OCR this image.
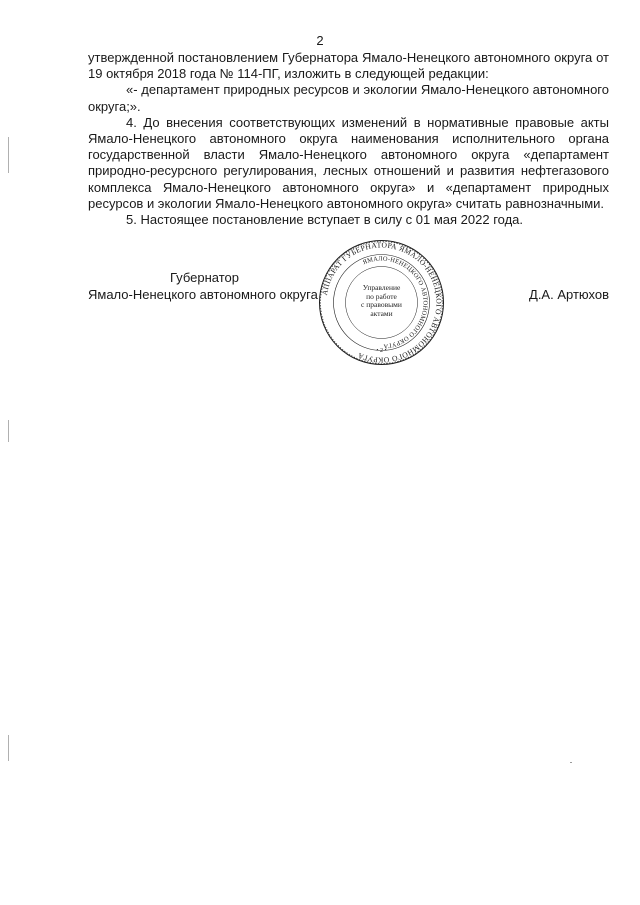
2

утвержденной постановлением Губернатора Ямало-Ненецкого автономного округа от 19 октября 2018 года № 114-ПГ, изложить в следующей редакции:

«- департамент природных ресурсов и экологии Ямало-Ненецкого автономного округа;».

4. До внесения соответствующих изменений в нормативные правовые акты Ямало-Ненецкого автономного округа наименования исполнительного органа государственной власти Ямало-Ненецкого автономного округа «департамент природно-ресурсного регулирования, лесных отношений и развития нефтегазового комплекса Ямало-Ненецкого автономного округа» и «департамент природных ресурсов и экологии Ямало-Ненецкого автономного округа» считать равнозначными.

5. Настоящее постановление вступает в силу с 01 мая 2022 года.

Губернатор
Ямало-Ненецкого автономного округа	Д.А. Артюхов
АППАРАТ ГУБЕРНАТОРА ЯМАЛО-НЕНЕЦКОГО АВТОНОМНОГО ОКРУГА
ЯМАЛО-НЕНЕЦКОГО АВТОНОМНОГО ОКРУГА
• 2 •
Управление
по работе
с правовыми
актами
